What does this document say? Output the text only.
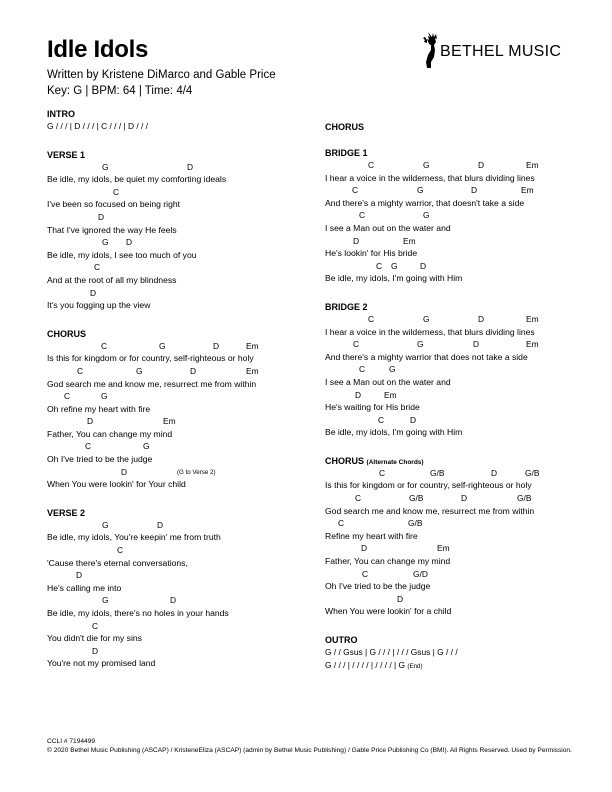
Idle Idols
Written by Kristene DiMarco and Gable Price
Key: G | BPM: 64 | Time: 4/4
BETHEL MUSIC
INTRO
G / / / | D / / / | C / / / | D / / /
VERSE 1
G	D
Be idle, my idols, be quiet my comforting ideals
C
I've been so focused on being right
D
That I've ignored the way He feels
G D
Be idle, my idols, I see too much of you
C
And at the root of all my blindness
D
It's you fogging up the view
CHORUS
C	G	D	Em
Is this for kingdom or for country, self-righteous or holy
C	G	D	Em
God search me and know me, resurrect me from within
C	G
Oh refine my heart with fire
D	Em
Father, You can change my mind
C	G
Oh I've tried to be the judge
D	(G to Verse 2)
When You were lookin' for Your child
VERSE 2
G	D
Be idle, my idols, You're keepin' me from truth
C
'Cause there's eternal conversations,
D
He's calling me into
G	D
Be idle, my idols, there's no holes in your hands
C
You didn't die for my sins
D
You're not my promised land
CHORUS
BRIDGE 1
C	G	D	Em
I hear a voice in the wilderness, that blurs dividing lines
C	G	D	Em
And there's a mighty warrior, that doesn't take a side
C	G
I see a Man out on the water and
D	Em
He's lookin' for His bride
C G	D
Be idle, my idols, I'm going with Him
BRIDGE 2
C	G	D	Em
I hear a voice in the wilderness, that blurs dividing lines
C	G	D	Em
And there's a mighty warrior that does not take a side
C	G
I see a Man out on the water and
D	Em
He's waiting for His bride
C	D
Be idle, my idols, I'm going with Him
CHORUS (Alternate Chords)
C	G/B	D	G/B
Is this for kingdom or for country, self-righteous or holy
C	G/B	D	G/B
God search me and know me, resurrect me from within
C	G/B
Refine my heart with fire
D	Em
Father, You can change my mind
C	G/D
Oh I've tried to be the judge
D
When You were lookin' for a child
OUTRO
G / / Gsus | G / / / | / / / Gsus | G / / /
G / / / | / / / / | / / / / | G (End)
CCLI # 7194499
© 2020 Bethel Music Publishing (ASCAP) / KristeneEliza (ASCAP) (admin by Bethel Music Publishing) / Gable Price Publishing Co (BMI). All Rights Reserved. Used by Permission.
